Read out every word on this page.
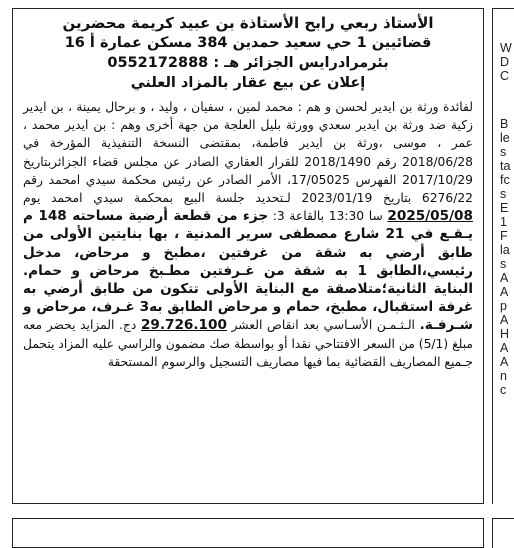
الأستاذ ربعي رابح الأستاذة بن عبيد كريمة محضرين
قضائيين 1 حي سعيد حمدين 384 مسكن عمارة أ 16
بئرمرادرايس الجزائر هـ : 0552172888
إعلان عن بيع عقار بالمزاد العلني
لفائدة ورثة بن ايدير لحسن و هم : محمد لمين ، سفيان ، وليد ، و برحال يمينة ، بن ايدير زكية ضد ورثة بن ايدير سعدي وورثة بليل العلجة من جهة أخرى وهم : بن ايدير محمد ، عمر ، موسى ،ورثة بن ايدير فاطمة، بمقتضى النسخة التنفيذية المؤرخة في 2018/06/28 رقم 2018/1490 للقرار العقاري الصادر عن مجلس قضاء الجزائربتاريخ 2017/10/29 الفهرس 17/05025، الأمر الصادر عن رئيس محكمة سيدي امحمد رقم 6276/22 بتاريخ 2023/01/19 لـتحديد جلسة البيع بمحكمة سيدي امحمد يوم 2025/05/08 سا 13:30 بالقاعة 3: جزء من قطعة أرضية مساحته 148 م يـقـع في 21 شارع مصطفى سرير المدنية ، بها بنايتين الأولى من طابق أرضي به شقة من غرفتين ،مطبخ و مرحاض، مدخل رئيسي،الطابق 1 به شقة من غـرفتين مطـبخ مرحاض و حمام. البناية الثانية؛متلاصقة مع البناية الأولى تتكون من طابق أرضي به غرفة استقبال، مطبخ، حمام و مرحاض الطابق به3 غـرف، مرحاض و شـرفـة. الـثـمـن الأسـاسي بعد انقاص العشر 29.726.100 دج. المزايد يحضر معه مبلغ (5/1) من السعر الافتتاحي نقدا أو بواسطة صك مضمون والراسي عليه المزاد يتحمل جـميع المصاريف القضائية بما فيها مصاريف التسجيل والرسوم المستحقة
W
D
C
B
le
s
ta
fc
s
E
1
F
la
s
A
A
p
A
H
A
A
n
c
